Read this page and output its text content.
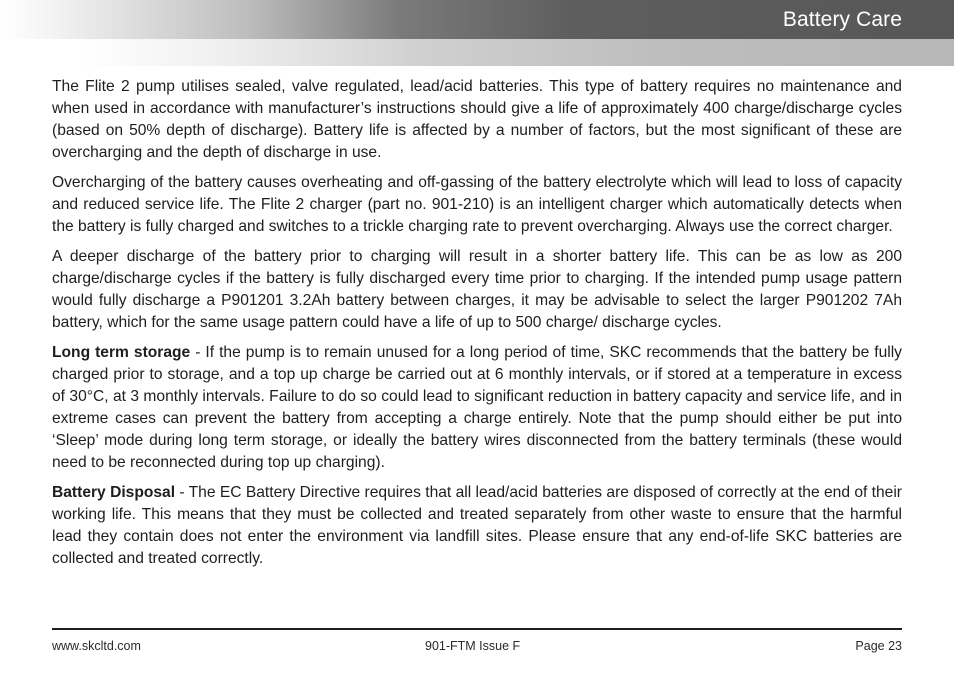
Battery Care

The Flite 2 pump utilises sealed, valve regulated, lead/acid batteries. This type of battery requires no maintenance and when used in accordance with manufacturer’s instructions should give a life of approximately 400 charge/discharge cycles (based on 50% depth of discharge). Battery life is affected by a number of factors, but the most significant of these are overcharging and the depth of discharge in use.

Overcharging of the battery causes overheating and off-gassing of the battery electrolyte which will lead to loss of capacity and reduced service life. The Flite 2 charger (part no. 901-210) is an intelligent charger which automatically detects when the battery is fully charged and switches to a trickle charging rate to prevent overcharging. Always use the correct charger.

A deeper discharge of the battery prior to charging will result in a shorter battery life. This can be as low as 200 charge/discharge cycles if the battery is fully discharged every time prior to charging. If the intended pump usage pattern would fully discharge a P901201 3.2Ah battery between charges, it may be advisable to select the larger P901202 7Ah battery, which for the same usage pattern could have a life of up to 500 charge/ discharge cycles.

Long term storage - If the pump is to remain unused for a long period of time, SKC recommends that the battery be fully charged prior to storage, and a top up charge be carried out at 6 monthly intervals, or if stored at a temperature in excess of 30°C, at 3 monthly intervals. Failure to do so could lead to significant reduction in battery capacity and service life, and in extreme cases can prevent the battery from accepting a charge entirely. Note that the pump should either be put into ‘Sleep’ mode during long term storage, or ideally the battery wires disconnected from the battery terminals (these would need to be reconnected during top up charging).

Battery Disposal - The EC Battery Directive requires that all lead/acid batteries are disposed of correctly at the end of their working life. This means that they must be collected and treated separately from other waste to ensure that the harmful lead they contain does not enter the environment via landfill sites. Please ensure that any end-of-life SKC batteries are collected and treated correctly.

www.skcltd.com	901-FTM Issue F	Page 23
